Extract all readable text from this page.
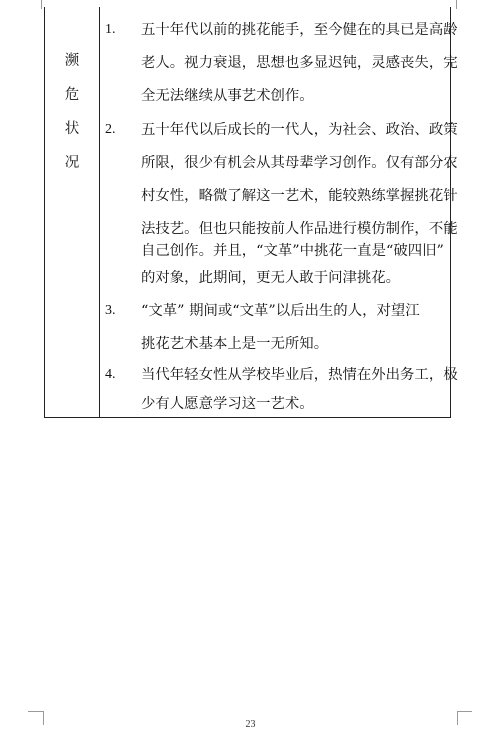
濒
危
状
况
1. 五十年代以前的挑花能手，至今健在的具已是高龄
老人。视力衰退，思想也多显迟钝，灵感丧失，完
全无法继续从事艺术创作。
2. 五十年代以后成长的一代人，为社会、政治、政策
所限，很少有机会从其母辈学习创作。仅有部分农
村女性，略微了解这一艺术，能较熟练掌握挑花针
法技艺。但也只能按前人作品进行模仿制作，不能
自己创作。并且，“文革”中挑花一直是“破四旧”
的对象，此期间，更无人敢于问津挑花。
3. “文革” 期间或“文革”以后出生的人，对望江
挑花艺术基本上是一无所知。
4. 当代年轻女性从学校毕业后，热情在外出务工，极
少有人愿意学习这一艺术。
23
